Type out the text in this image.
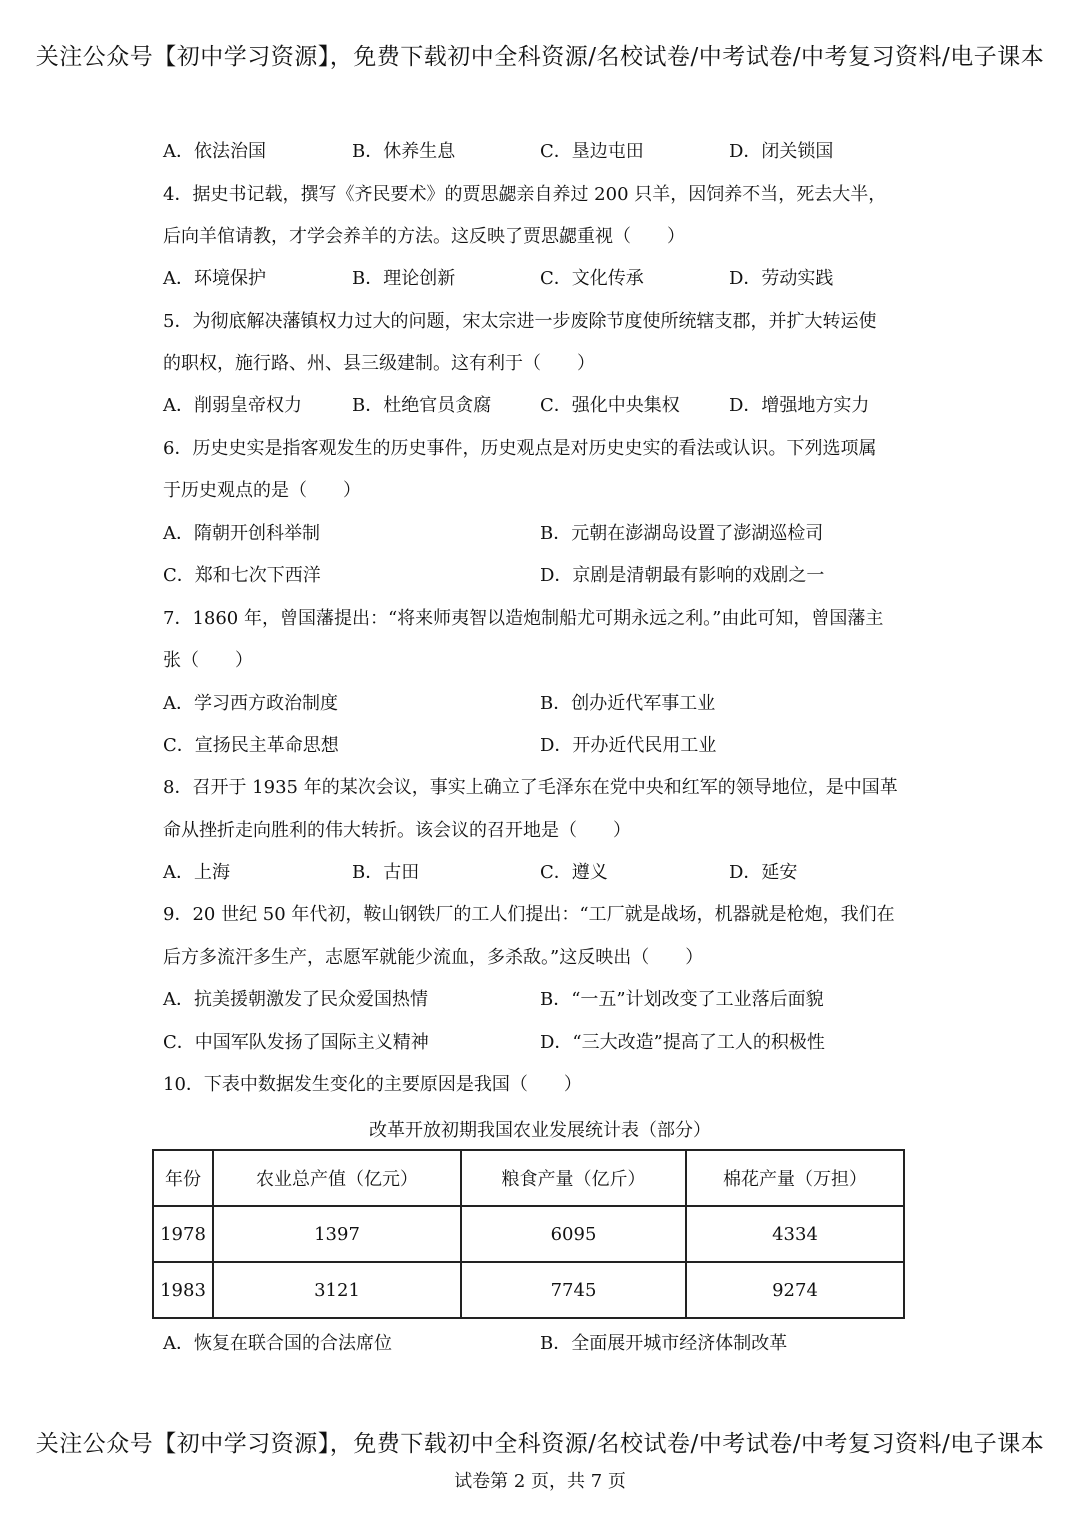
关注公众号【初中学习资源】，免费下载初中全科资源/名校试卷/中考试卷/中考复习资料/电子课本
A．依法治国	B．休养生息	C．垦边屯田	D．闭关锁国
4．据史书记载，撰写《齐民要术》的贾思勰亲自养过 200 只羊，因饲养不当，死去大半，
后向羊倌请教，才学会养羊的方法。这反映了贾思勰重视（　　）
A．环境保护	B．理论创新	C．文化传承	D．劳动实践
5．为彻底解决藩镇权力过大的问题，宋太宗进一步废除节度使所统辖支郡，并扩大转运使
的职权，施行路、州、县三级建制。这有利于（　　）
A．削弱皇帝权力	B．杜绝官员贪腐	C．强化中央集权	D．增强地方实力
6．历史史实是指客观发生的历史事件，历史观点是对历史史实的看法或认识。下列选项属
于历史观点的是（　　）
A．隋朝开创科举制	B．元朝在澎湖岛设置了澎湖巡检司
C．郑和七次下西洋	D．京剧是清朝最有影响的戏剧之一
7．1860 年，曾国藩提出：“将来师夷智以造炮制船尤可期永远之利。”由此可知，曾国藩主
张（　　）
A．学习西方政治制度	B．创办近代军事工业
C．宣扬民主革命思想	D．开办近代民用工业
8．召开于 1935 年的某次会议，事实上确立了毛泽东在党中央和红军的领导地位，是中国革
命从挫折走向胜利的伟大转折。该会议的召开地是（　　）
A．上海	B．古田	C．遵义	D．延安
9．20 世纪 50 年代初，鞍山钢铁厂的工人们提出：“工厂就是战场，机器就是枪炮，我们在
后方多流汗多生产，志愿军就能少流血，多杀敌。”这反映出（　　）
A．抗美援朝激发了民众爱国热情	B．“一五”计划改变了工业落后面貌
C．中国军队发扬了国际主义精神	D．“三大改造”提高了工人的积极性
10．下表中数据发生变化的主要原因是我国（　　）
改革开放初期我国农业发展统计表（部分）
年份	农业总产值（亿元）	粮食产量（亿斤）	棉花产量（万担）
1978	1397	6095	4334
1983	3121	7745	9274
A．恢复在联合国的合法席位	B．全面展开城市经济体制改革
关注公众号【初中学习资源】，免费下载初中全科资源/名校试卷/中考试卷/中考复习资料/电子课本
试卷第 2 页，共 7 页
